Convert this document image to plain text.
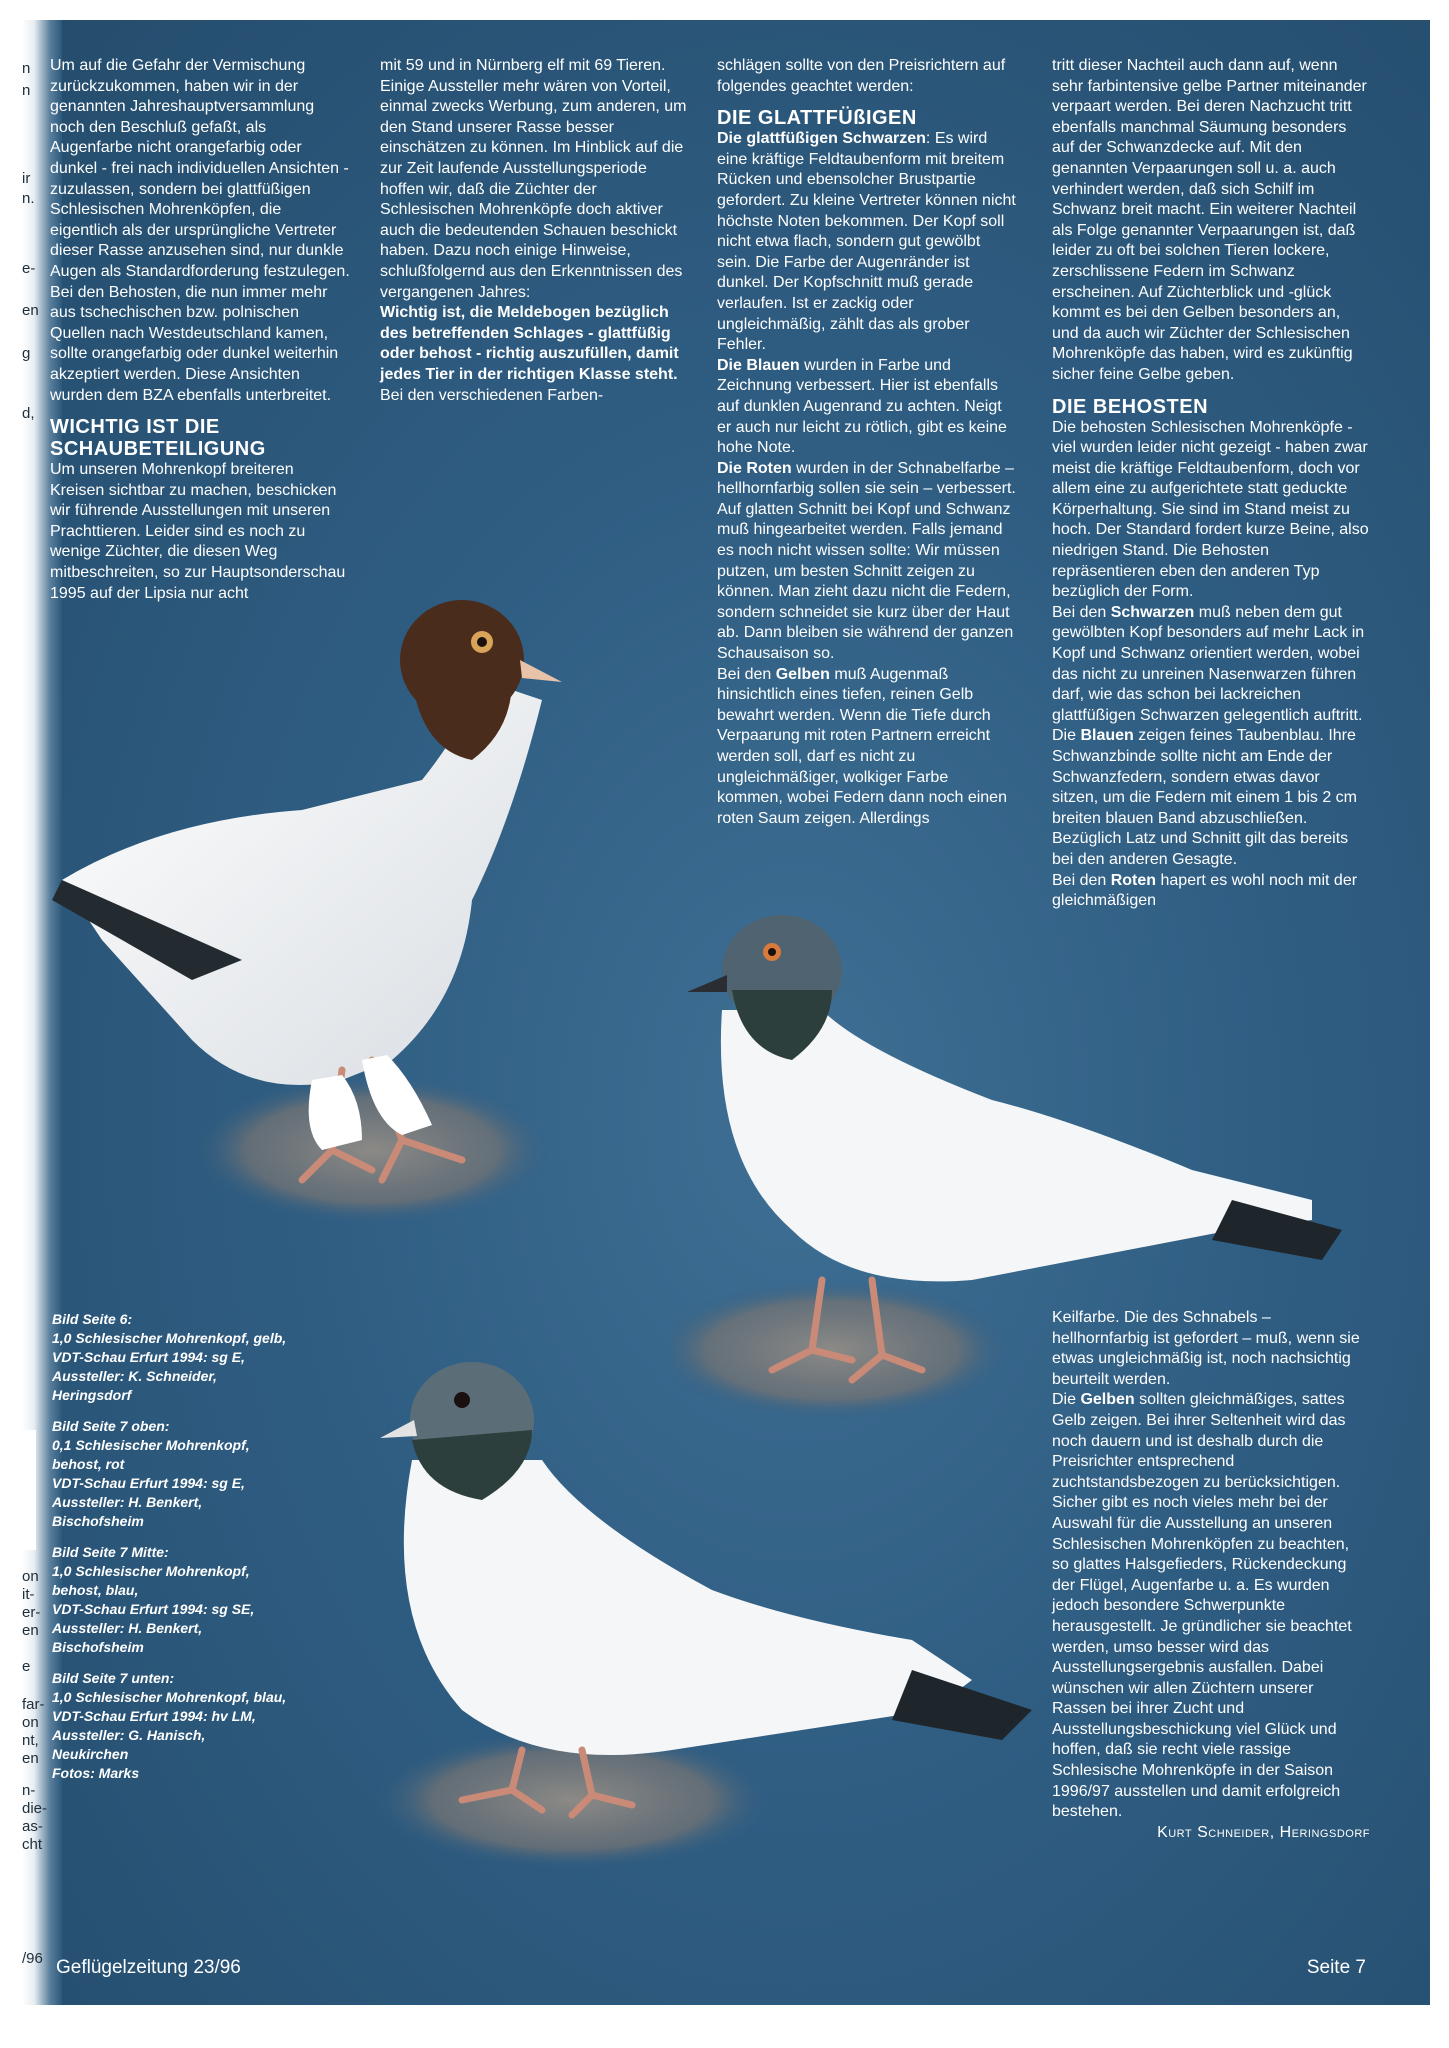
n
n
ir
n.
e-
en
g
d,
on
it-
er-
en
e
far-
on
nt,
en
n-
die-
as-
cht
/96

Um auf die Gefahr der Vermischung zurückzukommen, haben wir in der genannten Jahreshauptversammlung noch den Beschluß gefaßt, als Augenfarbe nicht orangefarbig oder dunkel - frei nach individuellen Ansichten - zuzulassen, sondern bei glattfüßigen Schlesischen Mohrenköpfen, die eigentlich als der ursprüngliche Vertreter dieser Rasse anzusehen sind, nur dunkle Augen als Standardforderung festzulegen. Bei den Behosten, die nun immer mehr aus tschechischen bzw. polnischen Quellen nach Westdeutschland kamen, sollte orangefarbig oder dunkel weiterhin akzeptiert werden. Diese Ansichten wurden dem BZA ebenfalls unterbreitet.

WICHTIG IST DIE SCHAUBETEILIGUNG

Um unseren Mohrenkopf breiteren Kreisen sichtbar zu machen, beschicken wir führende Ausstellungen mit unseren Prachttieren. Leider sind es noch zu wenige Züchter, die diesen Weg mitbeschreiten, so zur Hauptsonderschau 1995 auf der Lipsia nur acht

mit 59 und in Nürnberg elf mit 69 Tieren. Einige Aussteller mehr wären von Vorteil, einmal zwecks Werbung, zum anderen, um den Stand unserer Rasse besser einschätzen zu können. Im Hinblick auf die zur Zeit laufende Ausstellungsperiode hoffen wir, daß die Züchter der Schlesischen Mohrenköpfe doch aktiver auch die bedeutenden Schauen beschickt haben. Dazu noch einige Hinweise, schlußfolgernd aus den Erkenntnissen des vergangenen Jahres:

Wichtig ist, die Meldebogen bezüglich des betreffenden Schlages - glattfüßig oder behost - richtig auszufüllen, damit jedes Tier in der richtigen Klasse steht.

Bei den verschiedenen Farben-

schlägen sollte von den Preisrichtern auf folgendes geachtet werden:

DIE GLATTFÜßIGEN

Die glattfüßigen Schwarzen: Es wird eine kräftige Feldtaubenform mit breitem Rücken und ebensolcher Brustpartie gefordert. Zu kleine Vertreter können nicht höchste Noten bekommen. Der Kopf soll nicht etwa flach, sondern gut gewölbt sein. Die Farbe der Augenränder ist dunkel. Der Kopfschnitt muß gerade verlaufen. Ist er zackig oder ungleichmäßig, zählt das als grober Fehler.

Die Blauen wurden in Farbe und Zeichnung verbessert. Hier ist ebenfalls auf dunklen Augenrand zu achten. Neigt er auch nur leicht zu rötlich, gibt es keine hohe Note.

Die Roten wurden in der Schnabelfarbe – hellhornfarbig sollen sie sein – verbessert. Auf glatten Schnitt bei Kopf und Schwanz muß hingearbeitet werden. Falls jemand es noch nicht wissen sollte: Wir müssen putzen, um besten Schnitt zeigen zu können. Man zieht dazu nicht die Federn, sondern schneidet sie kurz über der Haut ab. Dann bleiben sie während der ganzen Schausaison so.

Bei den Gelben muß Augenmaß hinsichtlich eines tiefen, reinen Gelb bewahrt werden. Wenn die Tiefe durch Verpaarung mit roten Partnern erreicht werden soll, darf es nicht zu ungleichmäßiger, wolkiger Farbe kommen, wobei Federn dann noch einen roten Saum zeigen. Allerdings

tritt dieser Nachteil auch dann auf, wenn sehr farbintensive gelbe Partner miteinander verpaart werden. Bei deren Nachzucht tritt ebenfalls manchmal Säumung besonders auf der Schwanzdecke auf. Mit den genannten Verpaarungen soll u. a. auch verhindert werden, daß sich Schilf im Schwanz breit macht. Ein weiterer Nachteil als Folge genannter Verpaarungen ist, daß leider zu oft bei solchen Tieren lockere, zerschlissene Federn im Schwanz erscheinen. Auf Züchterblick und -glück kommt es bei den Gelben besonders an, und da auch wir Züchter der Schlesischen Mohrenköpfe das haben, wird es zukünftig sicher feine Gelbe geben.

DIE BEHOSTEN

Die behosten Schlesischen Mohrenköpfe - viel wurden leider nicht gezeigt - haben zwar meist die kräftige Feldtaubenform, doch vor allem eine zu aufgerichtete statt geduckte Körperhaltung. Sie sind im Stand meist zu hoch. Der Standard fordert kurze Beine, also niedrigen Stand. Die Behosten repräsentieren eben den anderen Typ bezüglich der Form.

Bei den Schwarzen muß neben dem gut gewölbten Kopf besonders auf mehr Lack in Kopf und Schwanz orientiert werden, wobei das nicht zu unreinen Nasenwarzen führen darf, wie das schon bei lackreichen glattfüßigen Schwarzen gelegentlich auftritt.

Die Blauen zeigen feines Taubenblau. Ihre Schwanzbinde sollte nicht am Ende der Schwanzfedern, sondern etwas davor sitzen, um die Federn mit einem 1 bis 2 cm breiten blauen Band abzuschließen. Bezüglich Latz und Schnitt gilt das bereits bei den anderen Gesagte.

Bei den Roten hapert es wohl noch mit der gleichmäßigen

Keilfarbe. Die des Schnabels – hellhornfarbig ist gefordert – muß, wenn sie etwas ungleichmäßig ist, noch nachsichtig beurteilt werden.

Die Gelben sollten gleichmäßiges, sattes Gelb zeigen. Bei ihrer Seltenheit wird das noch dauern und ist deshalb durch die Preisrichter entsprechend zuchtstandsbezogen zu berücksichtigen.

Sicher gibt es noch vieles mehr bei der Auswahl für die Ausstellung an unseren Schlesischen Mohrenköpfen zu beachten, so glattes Halsgefieders, Rückendeckung der Flügel, Augenfarbe u. a. Es wurden jedoch besondere Schwerpunkte herausgestellt. Je gründlicher sie beachtet werden, umso besser wird das Ausstellungsergebnis ausfallen. Dabei wünschen wir allen Züchtern unserer Rassen bei ihrer Zucht und Ausstellungsbeschickung viel Glück und hoffen, daß sie recht viele rassige Schlesische Mohrenköpfe in der Saison 1996/97 ausstellen und damit erfolgreich bestehen.

Kurt Schneider, Heringsdorf

Bild Seite 6:
1,0 Schlesischer Mohrenkopf, gelb,
VDT-Schau Erfurt 1994: sg E,
Aussteller: K. Schneider,
Heringsdorf

Bild Seite 7 oben:
0,1 Schlesischer Mohrenkopf,
behost, rot
VDT-Schau Erfurt 1994: sg E,
Aussteller: H. Benkert,
Bischofsheim

Bild Seite 7 Mitte:
1,0 Schlesischer Mohrenkopf,
behost, blau,
VDT-Schau Erfurt 1994: sg SE,
Aussteller: H. Benkert,
Bischofsheim

Bild Seite 7 unten:
1,0 Schlesischer Mohrenkopf, blau,
VDT-Schau Erfurt 1994: hv LM,
Aussteller: G. Hanisch,
Neukirchen
Fotos: Marks

Geflügelzeitung 23/96	Seite 7
